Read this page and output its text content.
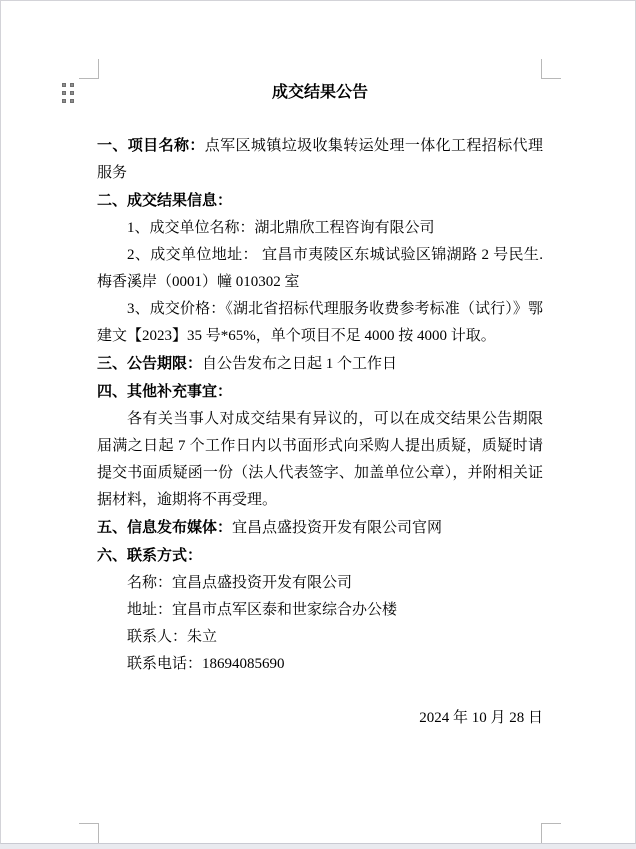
成交结果公告

一、项目名称：点军区城镇垃圾收集转运处理一体化工程招标代理服务

二、成交结果信息：

1、成交单位名称：湖北鼎欣工程咨询有限公司

2、成交单位地址： 宜昌市夷陵区东城试验区锦湖路 2 号民生.梅香溪岸（0001）幢 010302 室

3、成交价格：《湖北省招标代理服务收费参考标准（试行）》鄂建文【2023】35 号*65%，单个项目不足 4000 按 4000 计取。

三、公告期限：自公告发布之日起 1 个工作日

四、其他补充事宜：

各有关当事人对成交结果有异议的，可以在成交结果公告期限届满之日起 7 个工作日内以书面形式向采购人提出质疑，质疑时请提交书面质疑函一份（法人代表签字、加盖单位公章），并附相关证据材料，逾期将不再受理。

五、信息发布媒体：宜昌点盛投资开发有限公司官网

六、联系方式：

名称：宜昌点盛投资开发有限公司

地址：宜昌市点军区泰和世家综合办公楼

联系人：朱立

联系电话：18694085690

2024 年 10 月 28 日
